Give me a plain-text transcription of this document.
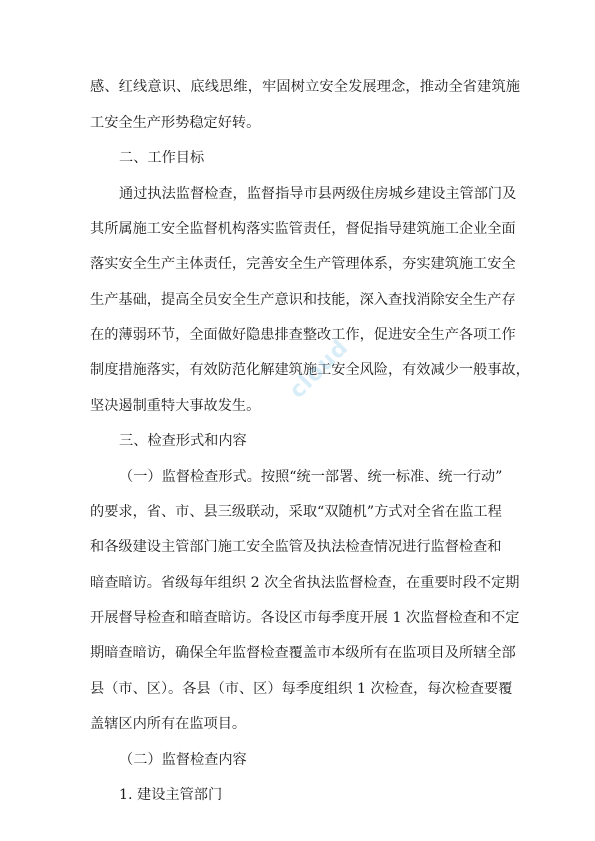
感、红线意识、底线思维，牢固树立安全发展理念，推动全省建筑施
工安全生产形势稳定好转。
二、工作目标
通过执法监督检查，监督指导市县两级住房城乡建设主管部门及
其所属施工安全监督机构落实监管责任，督促指导建筑施工企业全面
落实安全生产主体责任，完善安全生产管理体系，夯实建筑施工安全
生产基础，提高全员安全生产意识和技能，深入查找消除安全生产存
在的薄弱环节，全面做好隐患排查整改工作，促进安全生产各项工作
制度措施落实，有效防范化解建筑施工安全风险，有效减少一般事故，
坚决遏制重特大事故发生。
三、检查形式和内容
（一）监督检查形式。按照“统一部署、统一标准、统一行动”
的要求，省、市、县三级联动，采取“双随机”方式对全省在监工程
和各级建设主管部门施工安全监管及执法检查情况进行监督检查和
暗查暗访。省级每年组织 2 次全省执法监督检查，在重要时段不定期
开展督导检查和暗查暗访。各设区市每季度开展 1 次监督检查和不定
期暗查暗访，确保全年监督检查覆盖市本级所有在监项目及所辖全部
县（市、区）。各县（市、区）每季度组织 1 次检查，每次检查要覆
盖辖区内所有在监项目。
（二）监督检查内容
1. 建设主管部门
cloud
